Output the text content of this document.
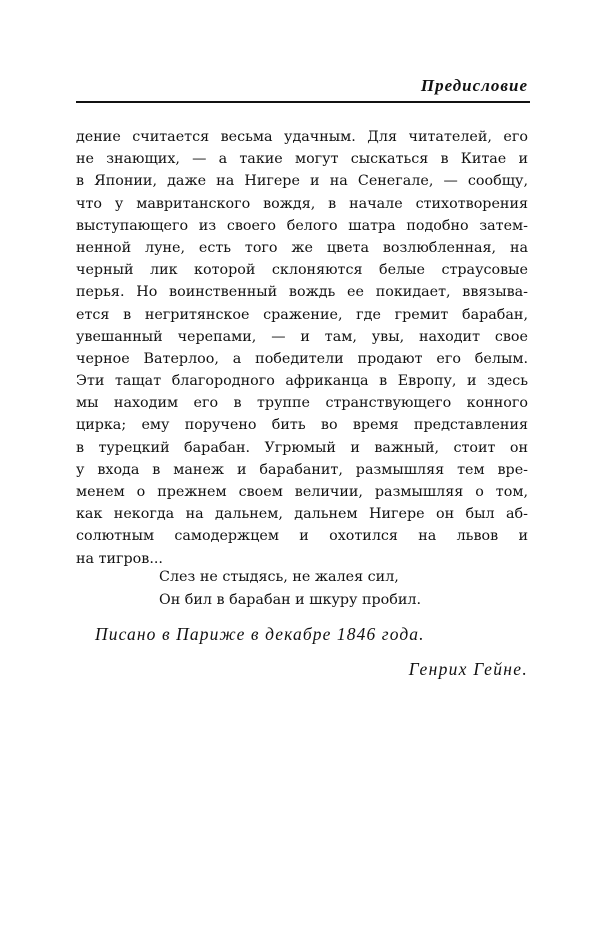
Предисловие
дение считается весьма удачным. Для читателей, его
не знающих, — а такие могут сыскаться в Китае и
в Японии, даже на Нигере и на Сенегале, — сообщу,
что у мавританского вождя, в начале стихотворения
выступающего из своего белого шатра подобно затем-
ненной луне, есть того же цвета возлюбленная, на
черный лик которой склоняются белые страусовые
перья. Но воинственный вождь ее покидает, ввязыва-
ется в негритянское сражение, где гремит барабан,
увешанный черепами, — и там, увы, находит свое
черное Ватерлоо, а победители продают его белым.
Эти тащат благородного африканца в Европу, и здесь
мы находим его в труппе странствующего конного
цирка; ему поручено бить во время представления
в турецкий барабан. Угрюмый и важный, стоит он
у входа в манеж и барабанит, размышляя тем вре-
менем о прежнем своем величии, размышляя о том,
как некогда на дальнем, дальнем Нигере он был аб-
солютным самодержцем и охотился на львов и
на тигров...
Слез не стыдясь, не жалея сил,
Он бил в барабан и шкуру пробил.
Писано в Париже в декабре 1846 года.
Генрих Гейне.
